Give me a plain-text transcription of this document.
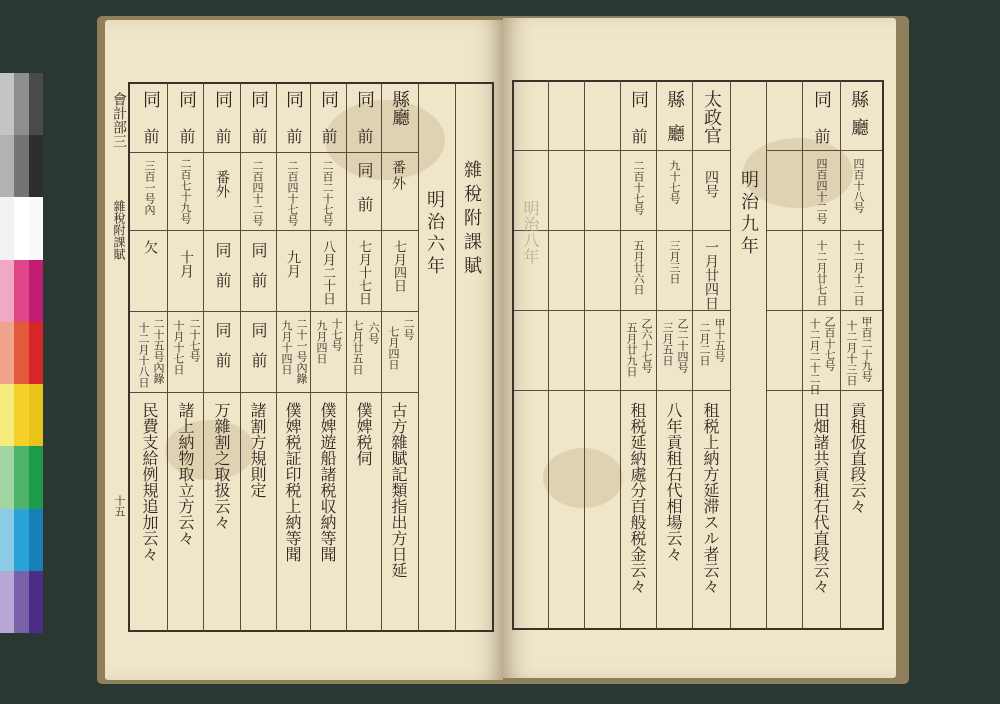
會計部三
雜稅附課賦
十五
雜稅附課賦
明治六年
縣廳
番外
七月四日
二号
七月四日
古方雜賦記類指出方日延
同
前
同
前
七月十七日
六号
七月廿五日
僕婢税伺
同
前
二百二十七号
八月二十日
十七号
九月四日
僕婢遊船諸税収納等聞
同
前
二百四十七号
九月
二十一号內錄
九月十四日
僕婢税証印税上納等聞
同
前
二百四十二号
同
前
同
前
諸割方規則定
同
前
番外
同
前
同
前
万雜割之取扱云々
同
前
二百七十九号
十月
二十七号
十月十七日
諸上納物取立方云々
同
前
三百一号內
欠
二十五号內錄
十二月十八日
民費支給例規追加云々
明治八年	明治九年
縣
廳
四百十八号
十二月十二日
甲百二十九号
十二月十三日
貢租仮直段云々
同
前
四百四十二号
十二月廿七日
乙百十七号
十二月二十二日
田畑諸共貢租石代直段云々
太政官
四号
一月廿四日
甲十五号
二月二日
租税上納方延滞スル者云々
縣
廳
九十七号
三月三日
乙二十四号
三月五日
八年貢租石代相場云々
同
前
二百十七号
五月廿六日
乙六十七号
五月廿九日
租税延納處分百般税金云々
